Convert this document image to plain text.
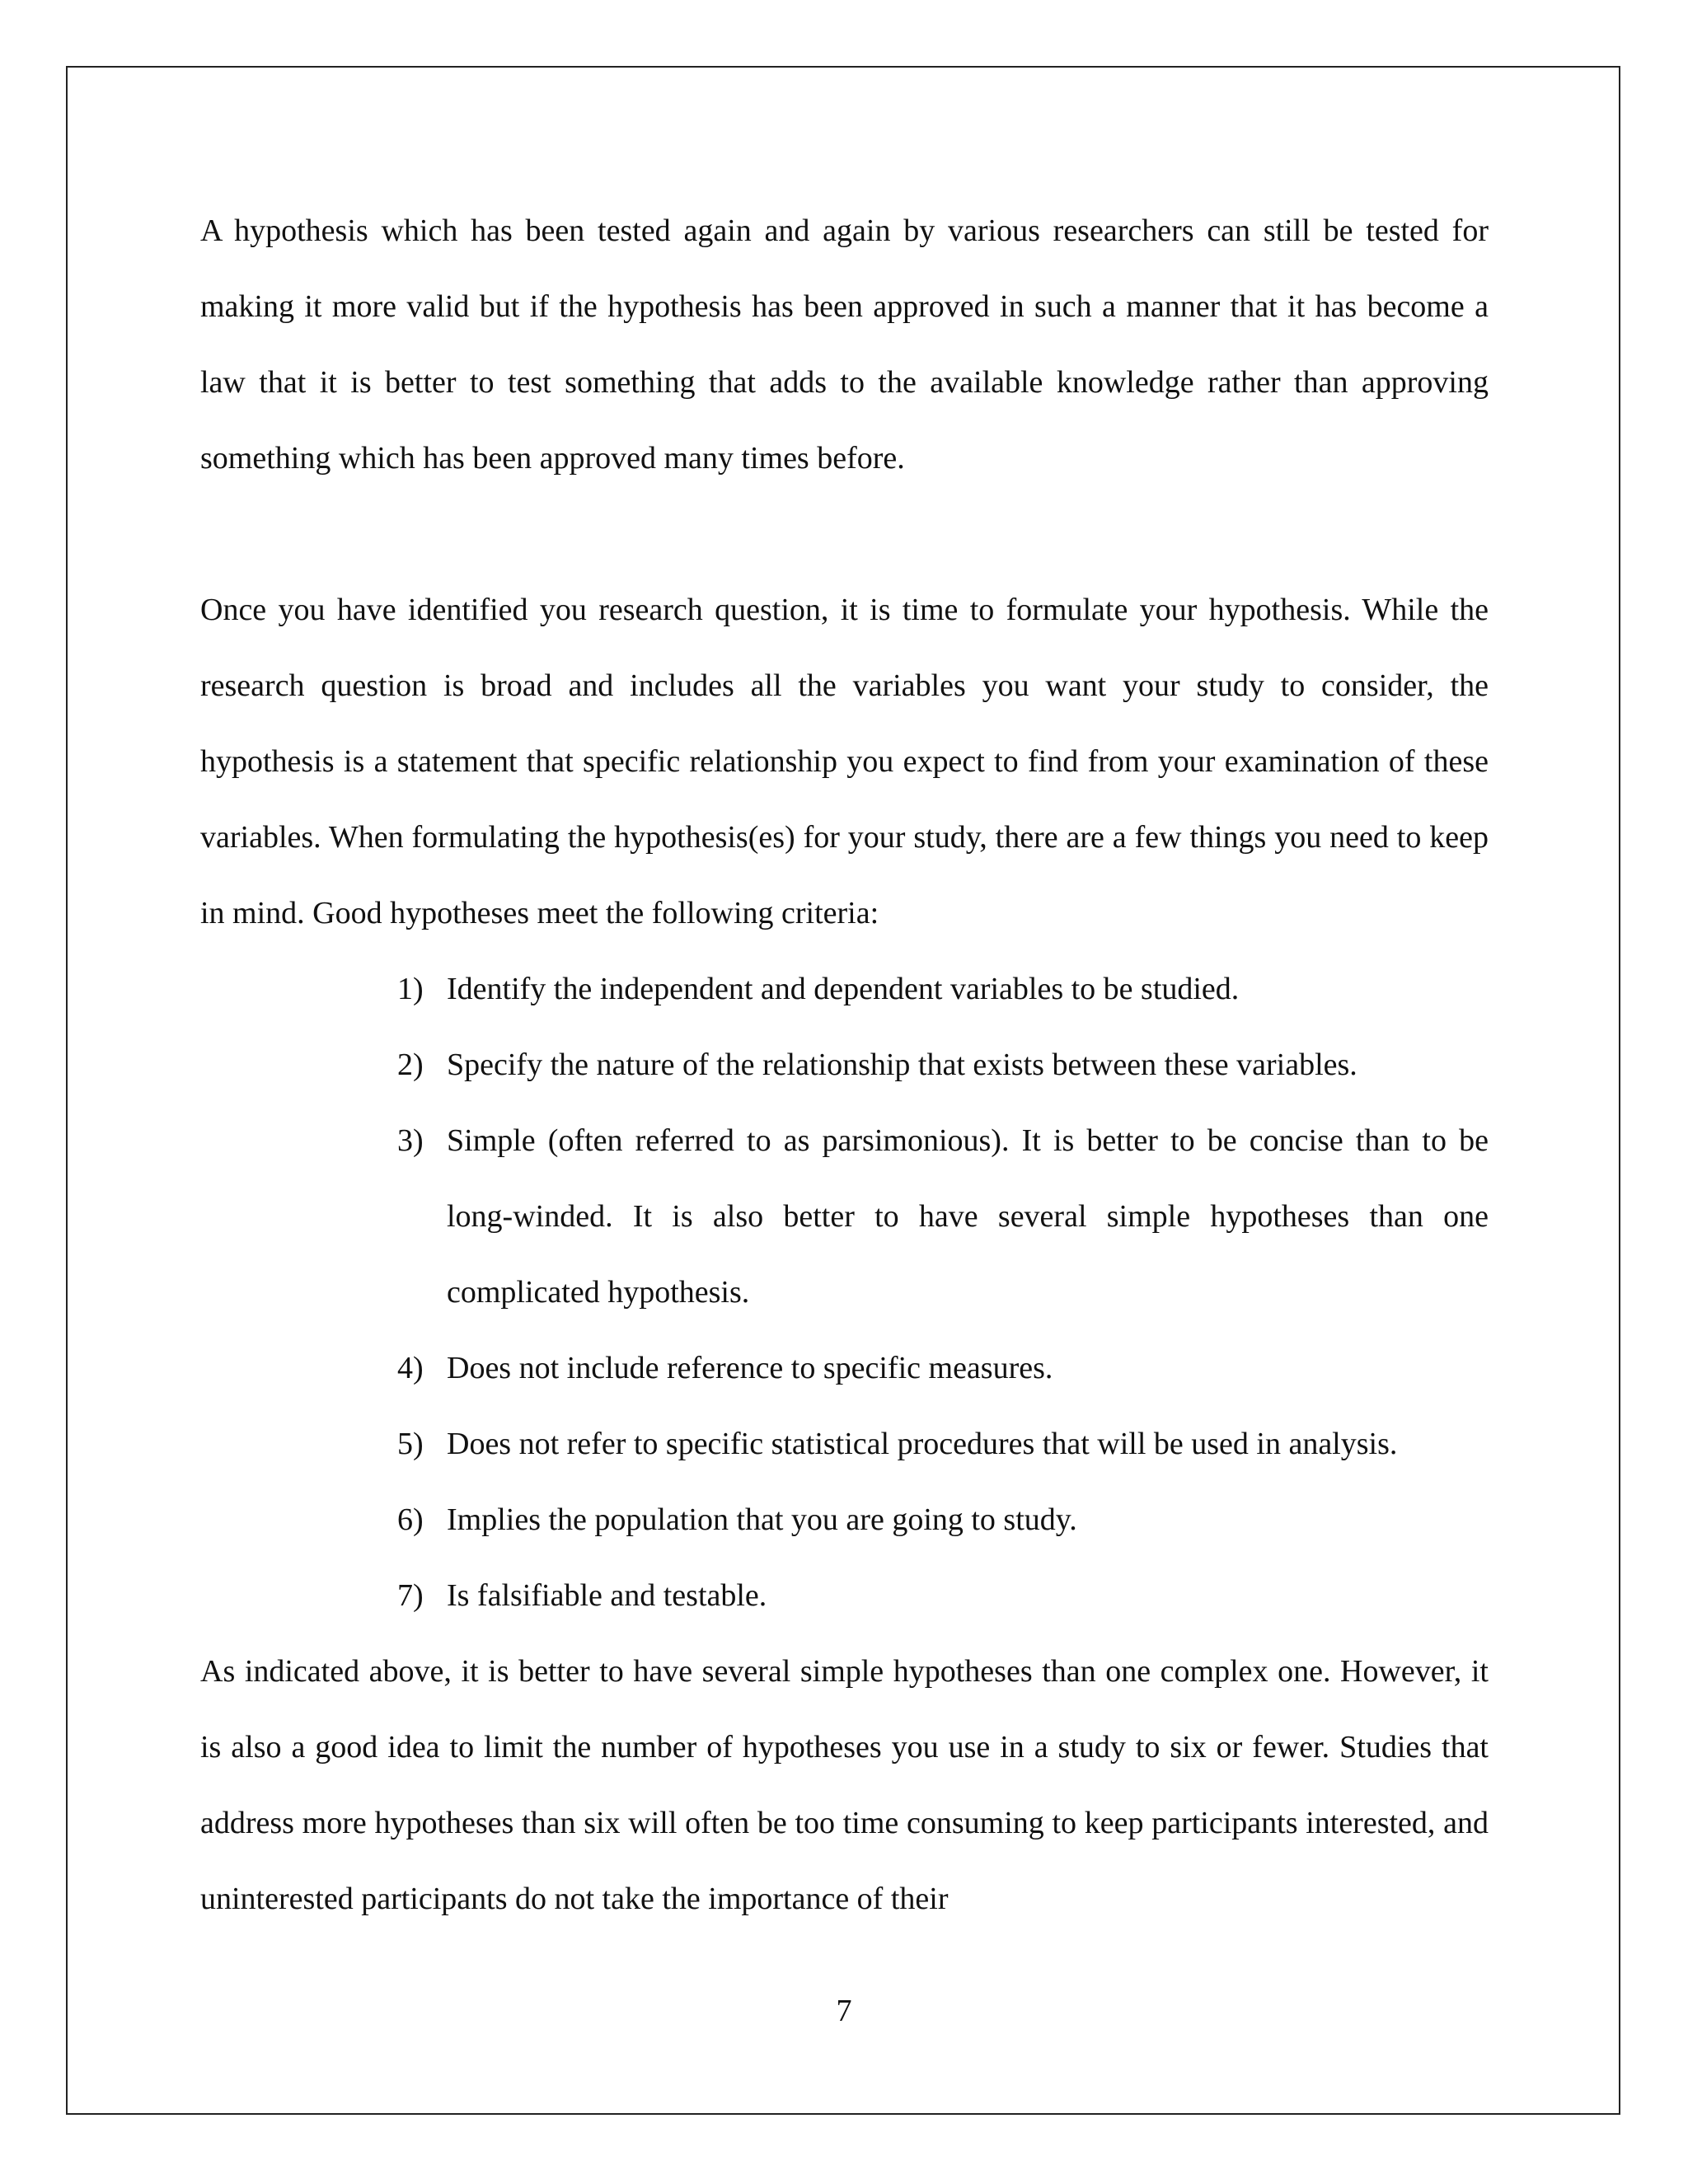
A hypothesis which has been tested again and again by various researchers can still be tested for making it more valid but if the hypothesis has been approved in such a manner that it has become a law that it is better to test something that adds to the available knowledge rather than approving something which has been approved many times before.

Once you have identified you research question, it is time to formulate your hypothesis. While the research question is broad and includes all the variables you want your study to consider, the hypothesis is a statement that specific relationship you expect to find from your examination of these variables. When formulating the hypothesis(es) for your study, there are a few things you need to keep in mind. Good hypotheses meet the following criteria:

1) Identify the independent and dependent variables to be studied.
2) Specify the nature of the relationship that exists between these variables.
3) Simple (often referred to as parsimonious). It is better to be concise than to be long-winded. It is also better to have several simple hypotheses than one complicated hypothesis.
4) Does not include reference to specific measures.
5) Does not refer to specific statistical procedures that will be used in analysis.
6) Implies the population that you are going to study.
7) Is falsifiable and testable.

As indicated above, it is better to have several simple hypotheses than one complex one. However, it is also a good idea to limit the number of hypotheses you use in a study to six or fewer. Studies that address more hypotheses than six will often be too time consuming to keep participants interested, and uninterested participants do not take the importance of their

7
